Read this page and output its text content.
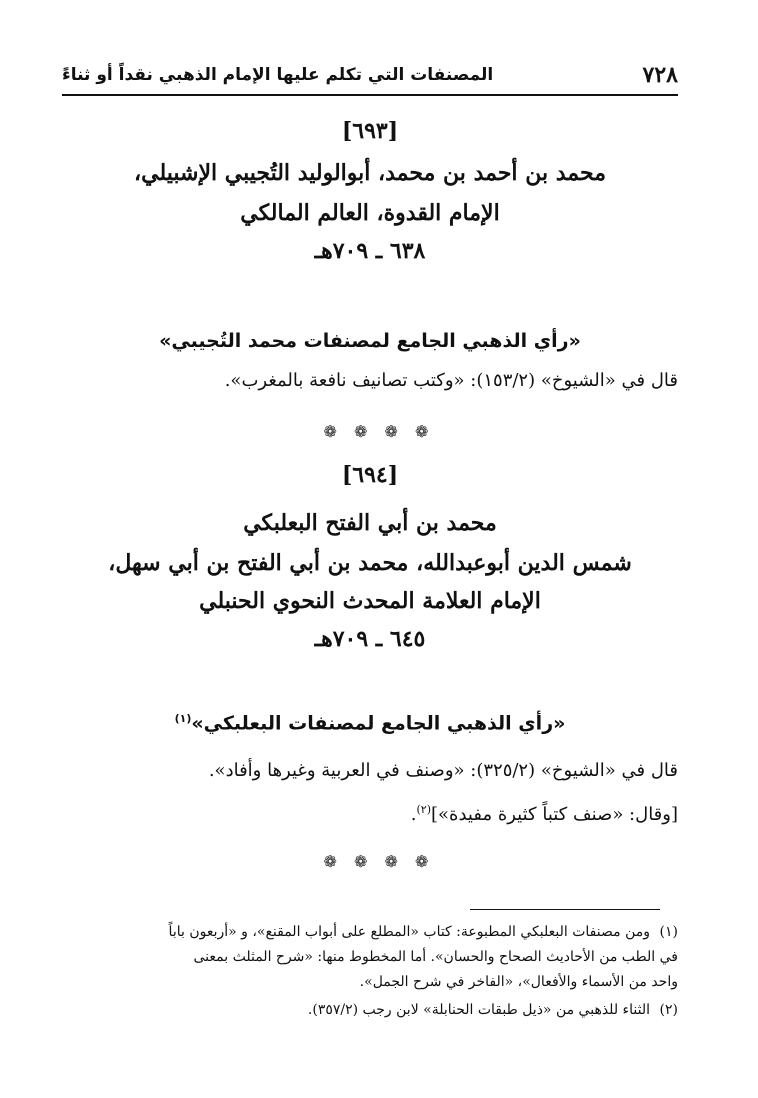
٧٢٨
المصنفات التي تكلم عليها الإمام الذهبي نقداً أو ثناءً
[٦٩٣]
محمد بن أحمد بن محمد، أبوالوليد التُجيبي الإشبيلي،
الإمام القدوة، العالم المالكي
٦٣٨ ـ ٧٠٩هـ
«رأي الذهبي الجامع لمصنفات محمد التُجيبي»
قال في «الشيوخ» (١٥٣/٢): «وكتب تصانيف نافعة بالمغرب».
❁ ❁ ❁ ❁
[٦٩٤]
محمد بن أبي الفتح البعلبكي
شمس الدين أبوعبدالله، محمد بن أبي الفتح بن أبي سهل،
الإمام العلامة المحدث النحوي الحنبلي
٦٤٥ ـ ٧٠٩هـ
«رأي الذهبي الجامع لمصنفات البعلبكي»$^{(١)}$
قال في «الشيوخ» (٣٢٥/٢): «وصنف في العربية وغيرها وأفاد».
[وقال: «صنف كتباً كثيرة مفيدة»]$^{(٢)}$.
❁ ❁ ❁ ❁
(١)ومن مصنفات البعلبكي المطبوعة: كتاب «المطلع على أبواب المقنع»، و «أربعون باباً
في الطب من الأحاديث الصحاح والحسان». أما المخطوط منها: «شرح المثلث بمعنى
واحد من الأسماء والأفعال»، «الفاخر في شرح الجمل».
(٢)الثناء للذهبي من «ذيل طبقات الحنابلة» لابن رجب (٣٥٧/٢).
